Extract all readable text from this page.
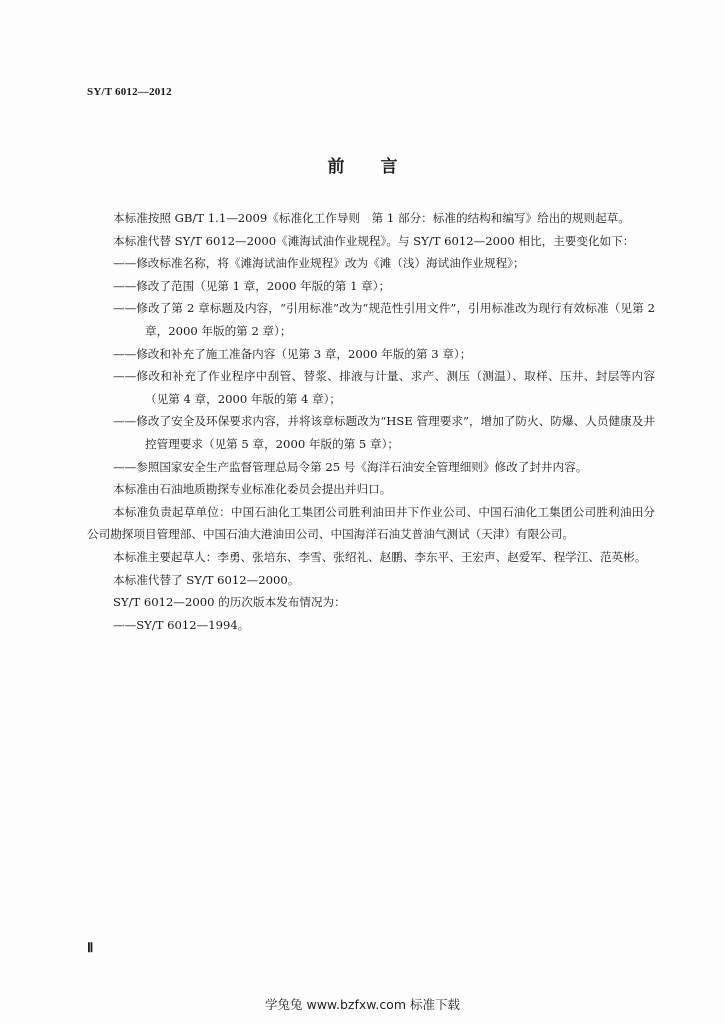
SY/T 6012—2012
前 言

本标准按照 GB/T 1.1—2009《标准化工作导则　第 1 部分：标准的结构和编写》给出的规则起草。

本标准代替 SY/T 6012—2000《滩海试油作业规程》。与 SY/T 6012—2000 相比，主要变化如下：

——修改标准名称，将《滩海试油作业规程》改为《滩（浅）海试油作业规程》；

——修改了范围（见第 1 章，2000 年版的第 1 章）；

——修改了第 2 章标题及内容，“引用标准”改为“规范性引用文件”，引用标准改为现行有效标准（见第 2 章，2000 年版的第 2 章）；

——修改和补充了施工准备内容（见第 3 章，2000 年版的第 3 章）；

——修改和补充了作业程序中刮管、替浆、排液与计量、求产、测压（测温）、取样、压井、封层等内容（见第 4 章，2000 年版的第 4 章）；

——修改了安全及环保要求内容，并将该章标题改为“HSE 管理要求”，增加了防火、防爆、人员健康及井控管理要求（见第 5 章，2000 年版的第 5 章）；

——参照国家安全生产监督管理总局令第 25 号《海洋石油安全管理细则》修改了封井内容。

本标准由石油地质勘探专业标准化委员会提出并归口。

本标准负责起草单位：中国石油化工集团公司胜利油田井下作业公司、中国石油化工集团公司胜利油田分公司勘探项目管理部、中国石油大港油田公司、中国海洋石油艾普油气测试（天津）有限公司。

本标准主要起草人：李勇、张培东、李雪、张绍礼、赵鹏、李东平、王宏声、赵爱军、程学江、范英彬。

本标准代替了 SY/T 6012—2000。

SY/T 6012—2000 的历次版本发布情况为：

——SY/T 6012—1994。

Ⅱ
学兔兔 www.bzfxw.com 标准下载
